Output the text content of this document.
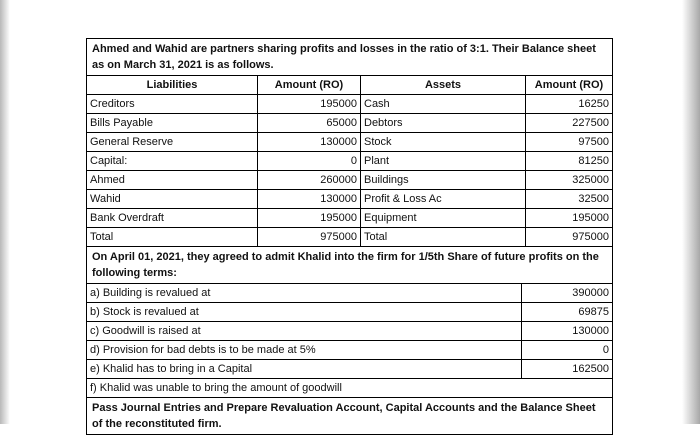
Ahmed and Wahid are partners sharing profits and losses in the ratio of 3:1. Their Balance sheet as on March 31, 2021 is as follows.
Liabilities	Amount (RO)	Assets	Amount (RO)
Creditors	195000 Cash	16250
Bills Payable	65000 Debtors	227500
General Reserve	130000 Stock	97500
Capital:	0 Plant	81250
Ahmed	260000 Buildings	325000
Wahid	130000 Profit & Loss Ac	32500
Bank Overdraft	195000 Equipment	195000
Total	975000 Total	975000
On April 01, 2021, they agreed to admit Khalid into the firm for 1/5th Share of future profits on the following terms:
a) Building is revalued at	390000
b) Stock is revalued at	69875
c) Goodwill is raised at	130000
d) Provision for bad debts is to be made at 5%	0
e) Khalid has to bring in a Capital	162500
f) Khalid was unable to bring the amount of goodwill
Pass Journal Entries and Prepare Revaluation Account, Capital Accounts and the Balance Sheet of the reconstituted firm.
